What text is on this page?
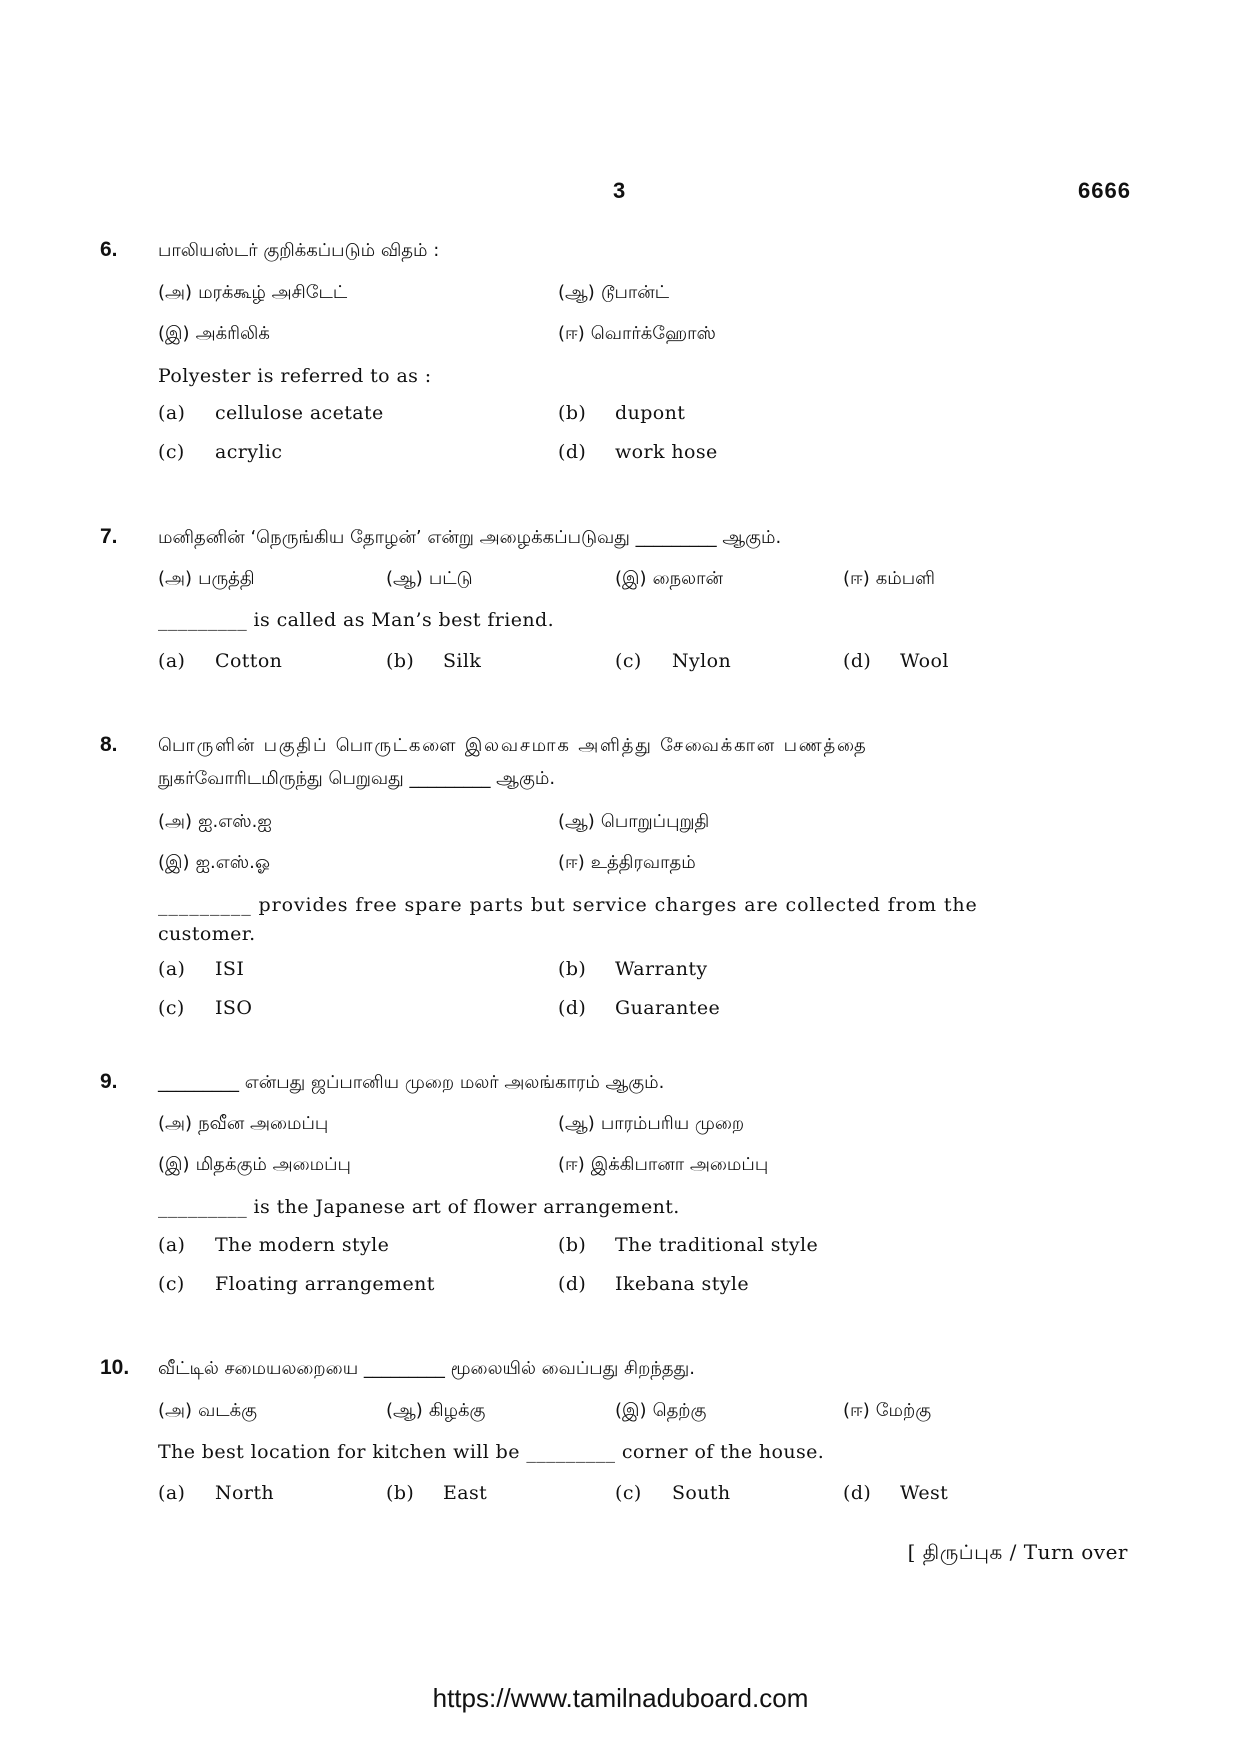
3	6666
6. பாலியஸ்டர் குறிக்கப்படும் விதம் :
(அ) மரக்கூழ் அசிடேட்	(ஆ) டூபான்ட்
(இ) அக்ரிலிக்	(ஈ) வொர்க்ஹோஸ்
Polyester is referred to as :
(a) cellulose acetate	(b) dupont
(c) acrylic	(d) work hose
7. மனிதனின் ‘நெருங்கிய தோழன்’ என்று அழைக்கப்படுவது _________ ஆகும்.
(அ) பருத்தி	(ஆ) பட்டு	(இ) நைலான்	(ஈ) கம்பளி
_________ is called as Man’s best friend.
(a) Cotton	(b) Silk	(c) Nylon	(d) Wool
8. பொருளின் பகுதிப் பொருட்களை இலவசமாக அளித்து சேவைக்கான பணத்தை
நுகர்வோரிடமிருந்து பெறுவது _________ ஆகும்.
(அ) ஐ.எஸ்.ஐ	(ஆ) பொறுப்புறுதி
(இ) ஐ.எஸ்.ஓ	(ஈ) உத்திரவாதம்
_________ provides free spare parts but service charges are collected from the
customer.
(a) ISI	(b) Warranty
(c) ISO	(d) Guarantee
9. _________ என்பது ஜப்பானிய முறை மலர் அலங்காரம் ஆகும்.
(அ) நவீன அமைப்பு	(ஆ) பாரம்பரிய முறை
(இ) மிதக்கும் அமைப்பு	(ஈ) இக்கிபானா அமைப்பு
_________ is the Japanese art of flower arrangement.
(a) The modern style	(b) The traditional style
(c) Floating arrangement	(d) Ikebana style
10. வீட்டில் சமையலறையை _________ மூலையில் வைப்பது சிறந்தது.
(அ) வடக்கு	(ஆ) கிழக்கு	(இ) தெற்கு	(ஈ) மேற்கு
The best location for kitchen will be _________ corner of the house.
(a) North	(b) East	(c) South	(d) West
[ திருப்புக / Turn over
https://www.tamilnaduboard.com
